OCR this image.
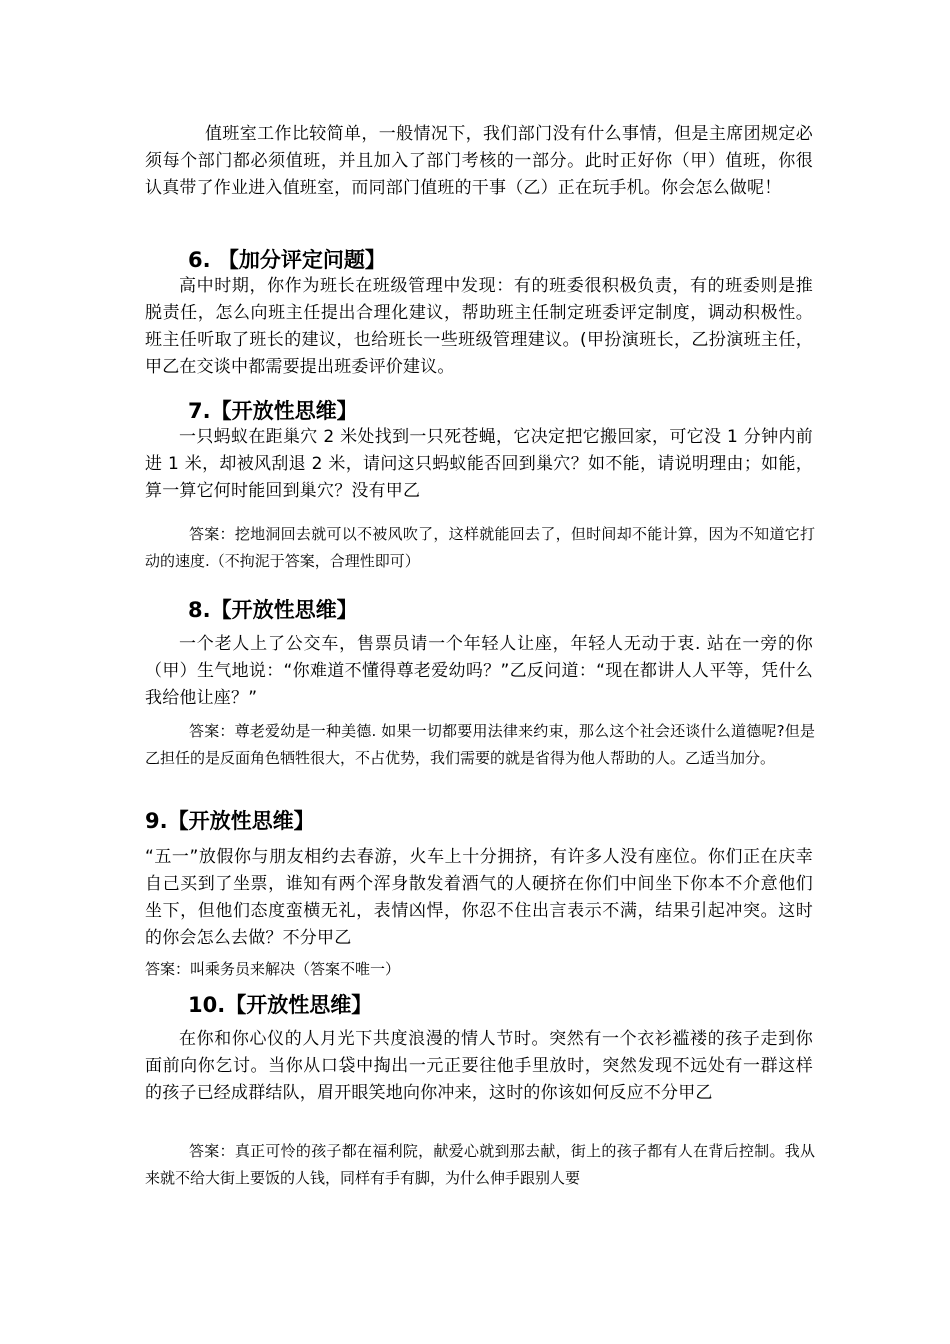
值班室工作比较简单，一般情况下，我们部门没有什么事情，但是主席团规定必须每个部门都必须值班，并且加入了部门考核的一部分。此时正好你（甲）值班，你很认真带了作业进入值班室，而同部门值班的干事（乙）正在玩手机。你会怎么做呢！

6. 【加分评定问题】

高中时期，你作为班长在班级管理中发现：有的班委很积极负责，有的班委则是推脱责任，怎么向班主任提出合理化建议，帮助班主任制定班委评定制度，调动积极性。班主任听取了班长的建议，也给班长一些班级管理建议。(甲扮演班长，乙扮演班主任，甲乙在交谈中都需要提出班委评价建议。

7.【开放性思维】

一只蚂蚁在距巢穴 2 米处找到一只死苍蝇，它决定把它搬回家，可它没 1 分钟内前进 1 米，却被风刮退 2 米，请问这只蚂蚁能否回到巢穴？如不能，请说明理由；如能，算一算它何时能回到巢穴？没有甲乙

答案：挖地洞回去就可以不被风吹了，这样就能回去了，但时间却不能计算，因为不知道它打动的速度.（不拘泥于答案，合理性即可）

8.【开放性思维】

一个老人上了公交车，售票员请一个年轻人让座，年轻人无动于衷. 站在一旁的你（甲）生气地说：“你难道不懂得尊老爱幼吗？”乙反问道：“现在都讲人人平等，凭什么我给他让座？”

答案：尊老爱幼是一种美德. 如果一切都要用法律来约束，那么这个社会还谈什么道德呢?但是乙担任的是反面角色牺牲很大，不占优势，我们需要的就是省得为他人帮助的人。乙适当加分。

9.【开放性思维】

“五一”放假你与朋友相约去春游，火车上十分拥挤，有许多人没有座位。你们正在庆幸自己买到了坐票，谁知有两个浑身散发着酒气的人硬挤在你们中间坐下你本不介意他们坐下，但他们态度蛮横无礼，表情凶悍，你忍不住出言表示不满，结果引起冲突。这时的你会怎么去做？不分甲乙

答案：叫乘务员来解决（答案不唯一）

10.【开放性思维】

在你和你心仪的人月光下共度浪漫的情人节时。突然有一个衣衫褴褛的孩子走到你面前向你乞讨。当你从口袋中掏出一元正要往他手里放时，突然发现不远处有一群这样的孩子已经成群结队，眉开眼笑地向你冲来，这时的你该如何反应不分甲乙

答案：真正可怜的孩子都在福利院，献爱心就到那去献，街上的孩子都有人在背后控制。我从来就不给大街上要饭的人钱，同样有手有脚，为什么伸手跟别人要
